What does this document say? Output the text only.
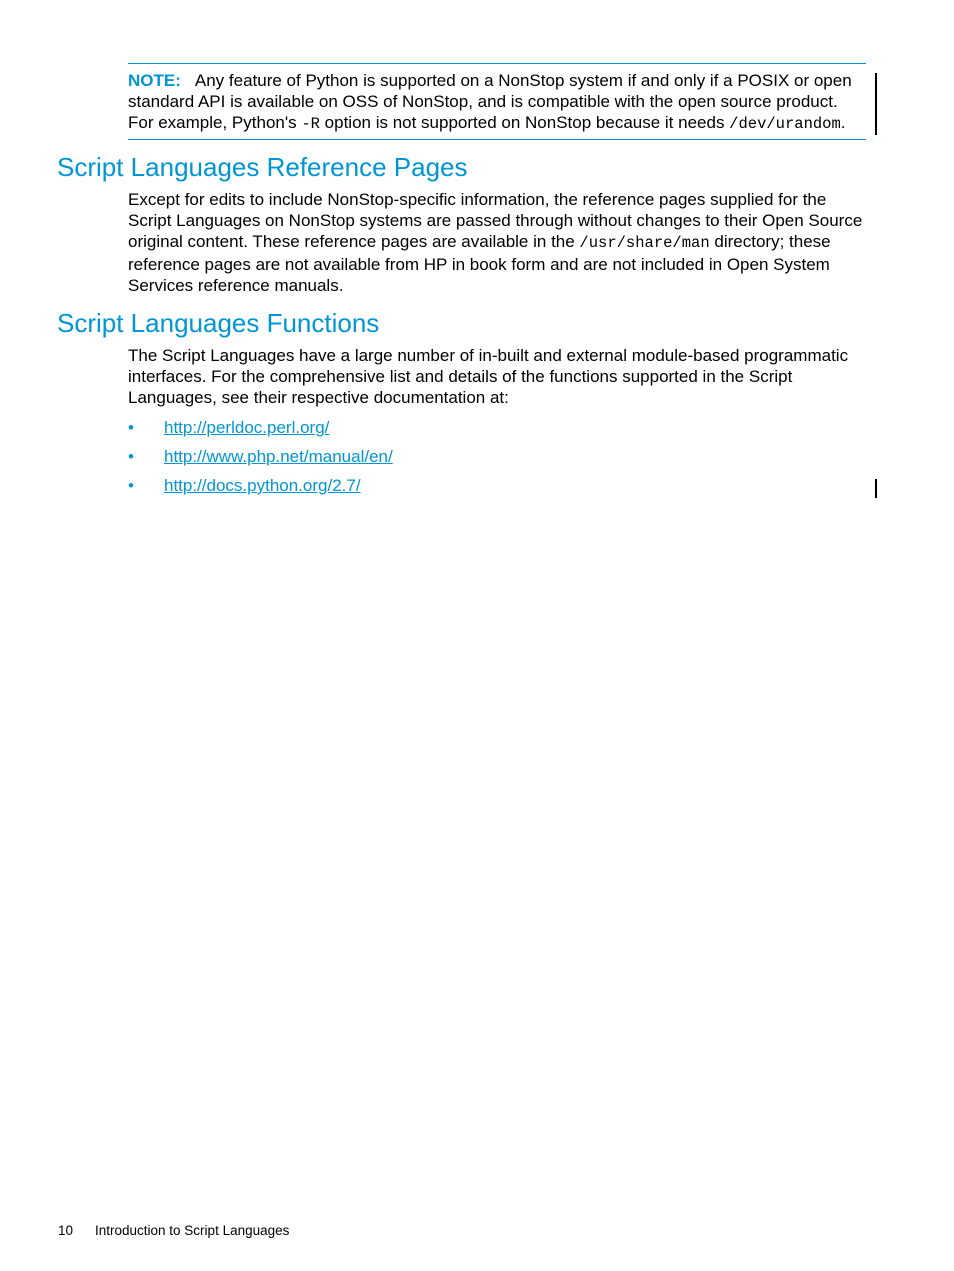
NOTE: Any feature of Python is supported on a NonStop system if and only if a POSIX or open standard API is available on OSS of NonStop, and is compatible with the open source product. For example, Python's -R option is not supported on NonStop because it needs /dev/urandom.
Script Languages Reference Pages

Except for edits to include NonStop-specific information, the reference pages supplied for the Script Languages on NonStop systems are passed through without changes to their Open Source original content. These reference pages are available in the /usr/share/man directory; these reference pages are not available from HP in book form and are not included in Open System Services reference manuals.

Script Languages Functions

The Script Languages have a large number of in-built and external module-based programmatic interfaces. For the comprehensive list and details of the functions supported in the Script Languages, see their respective documentation at:

• http://perldoc.perl.org/
• http://www.php.net/manual/en/
• http://docs.python.org/2.7/
10 Introduction to Script Languages
